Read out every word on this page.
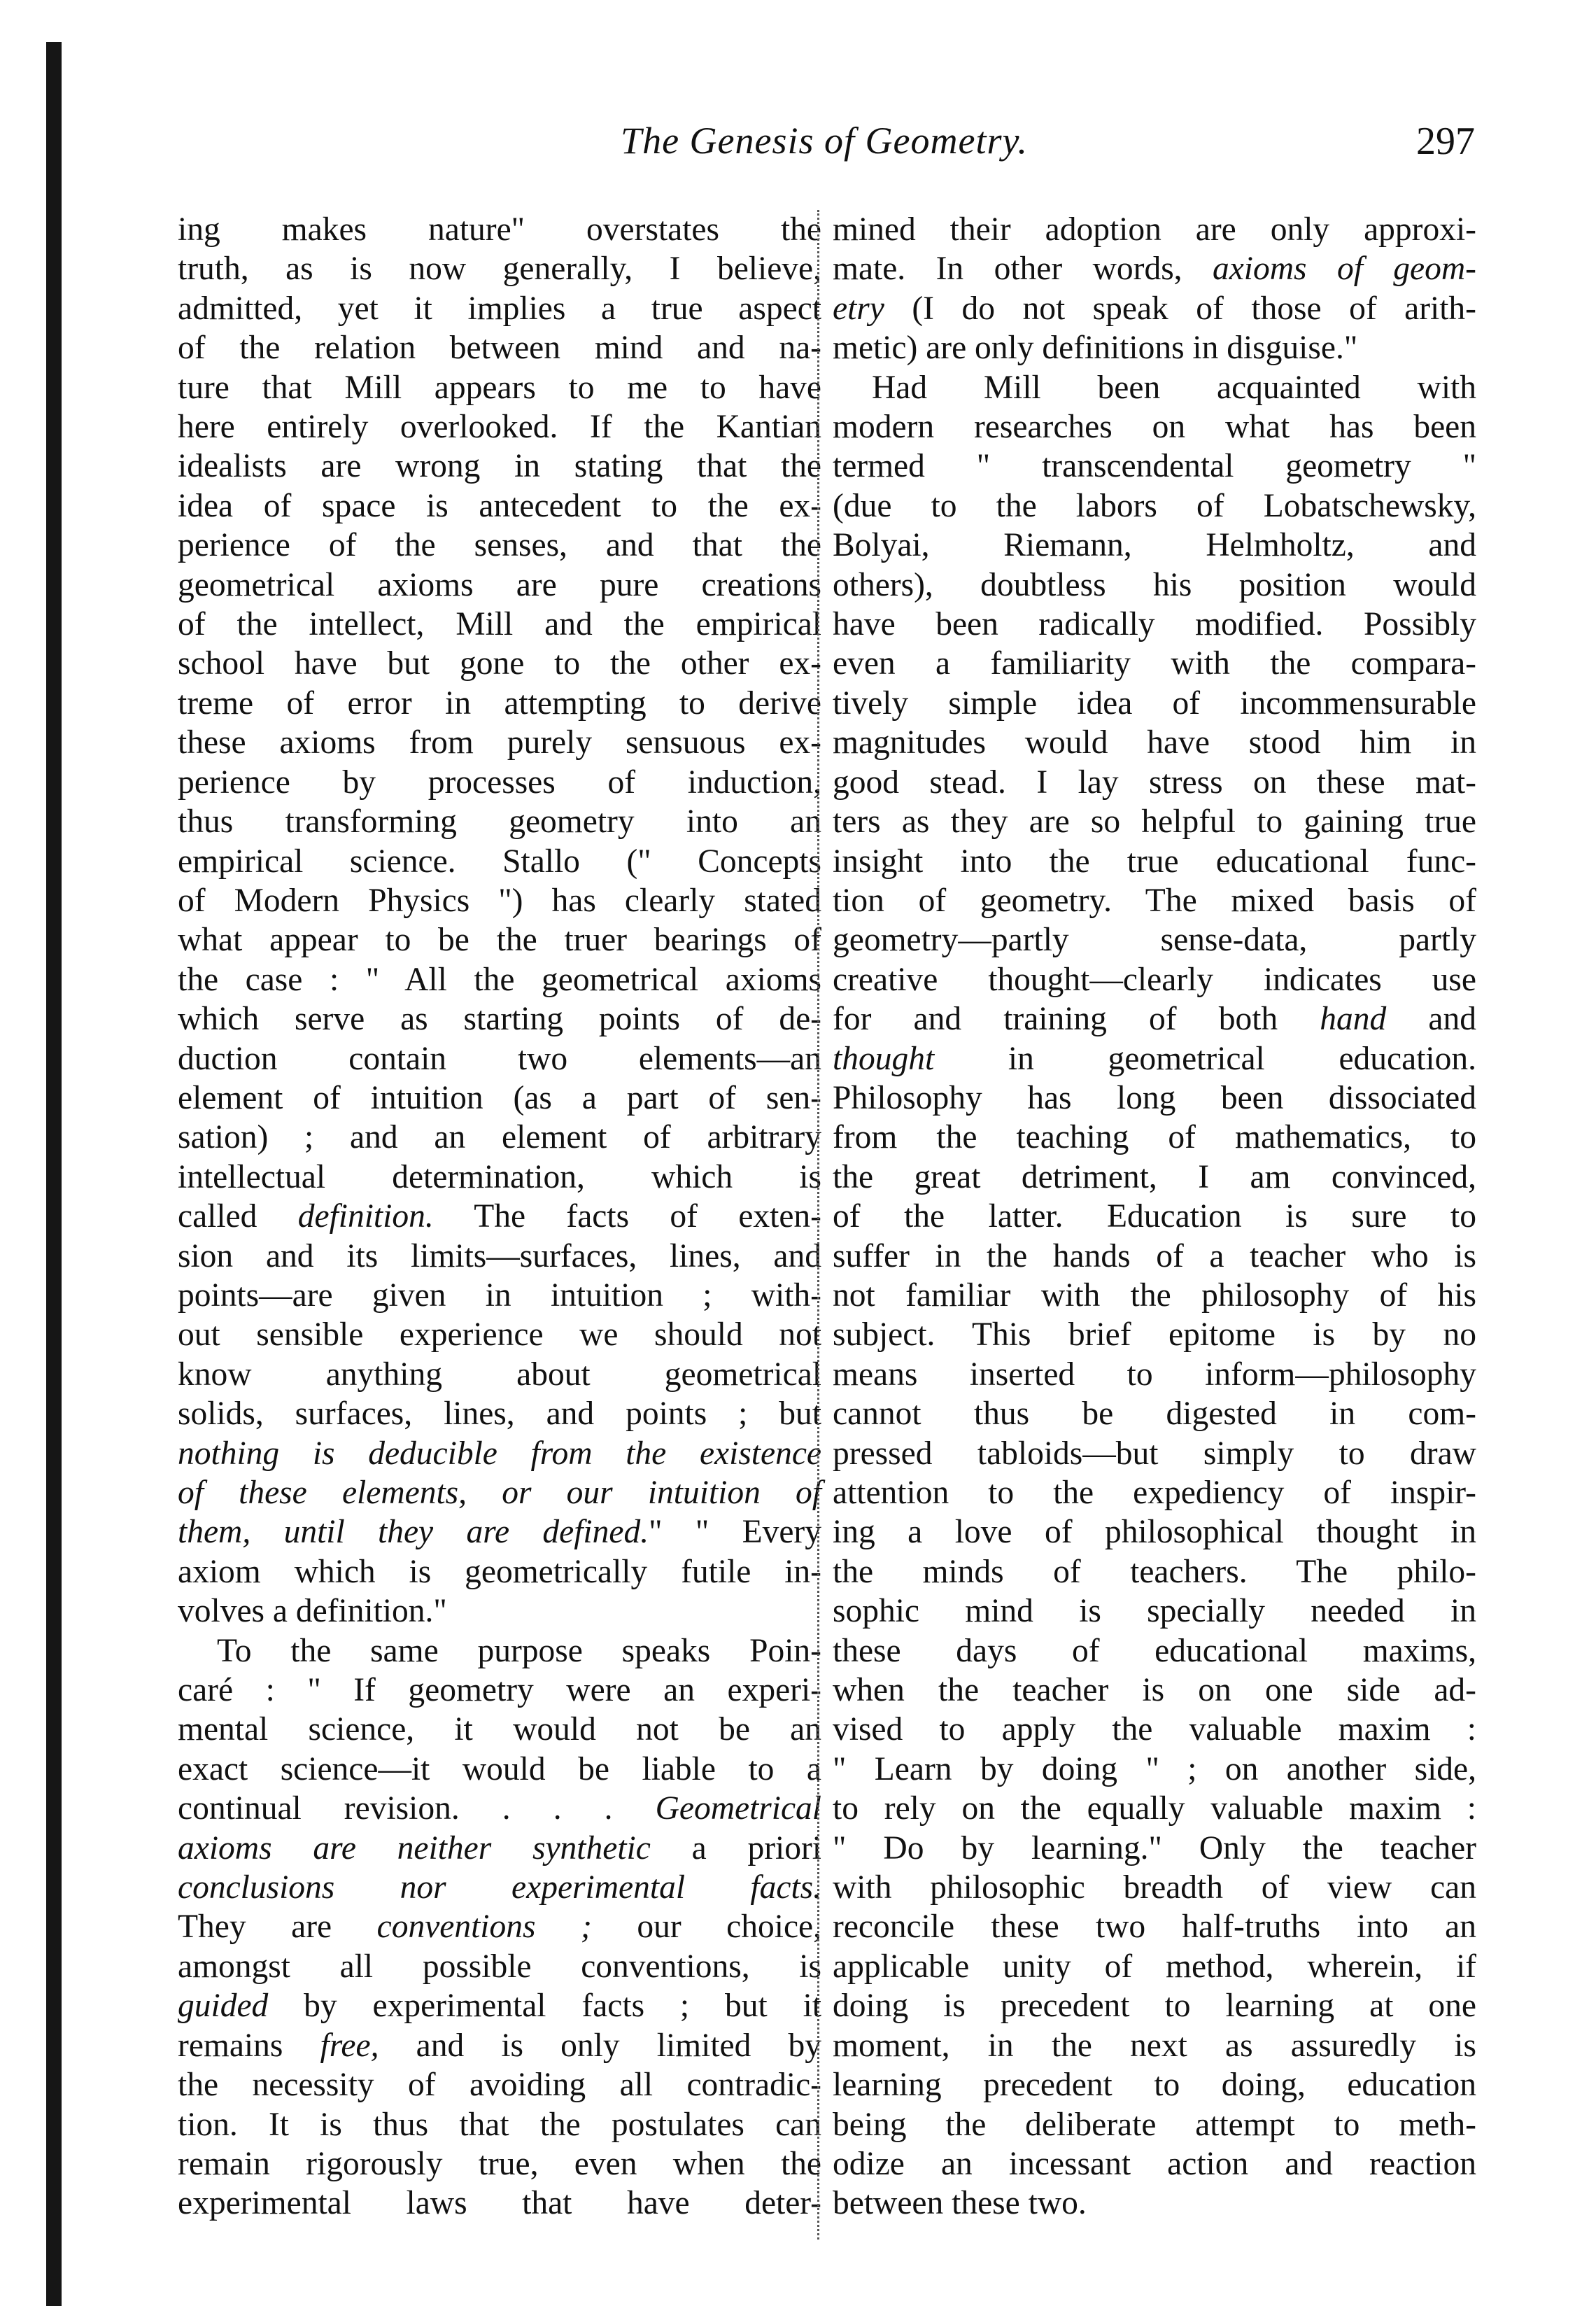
The Genesis of Geometry.	297
ing makes nature" overstates the
truth, as is now generally, I believe,
admitted, yet it implies a true aspect
of the relation between mind and na-
ture that Mill appears to me to have
here entirely overlooked. If the Kantian
idealists are wrong in stating that the
idea of space is antecedent to the ex-
perience of the senses, and that the
geometrical axioms are pure creations
of the intellect, Mill and the empirical
school have but gone to the other ex-
treme of error in attempting to derive
these axioms from purely sensuous ex-
perience by processes of induction,
thus transforming geometry into an
empirical science. Stallo (" Concepts
of Modern Physics ") has clearly stated
what appear to be the truer bearings of
the case : " All the geometrical axioms
which serve as starting points of de-
duction contain two elements—an
element of intuition (as a part of sen-
sation) ; and an element of arbitrary
intellectual determination, which is
called definition. The facts of exten-
sion and its limits—surfaces, lines, and
points—are given in intuition ; with-
out sensible experience we should not
know anything about geometrical
solids, surfaces, lines, and points ; but
nothing is deducible from the existence
of these elements, or our intuition of
them, until they are defined." " Every
axiom which is geometrically futile in-
volves a definition."
To the same purpose speaks Poin-
caré : " If geometry were an experi-
mental science, it would not be an
exact science—it would be liable to a
continual revision. . . . Geometrical
axioms are neither synthetic a priori
conclusions nor experimental facts.
They are conventions ; our choice,
amongst all possible conventions, is
guided by experimental facts ; but it
remains free, and is only limited by
the necessity of avoiding all contradic-
tion. It is thus that the postulates can
remain rigorously true, even when the
experimental laws that have deter-
mined their adoption are only approxi-
mate. In other words, axioms of geom-
etry (I do not speak of those of arith-
metic) are only definitions in disguise."
Had Mill been acquainted with
modern researches on what has been
termed " transcendental geometry "
(due to the labors of Lobatschewsky,
Bolyai, Riemann, Helmholtz, and
others), doubtless his position would
have been radically modified. Possibly
even a familiarity with the compara-
tively simple idea of incommensurable
magnitudes would have stood him in
good stead. I lay stress on these mat-
ters as they are so helpful to gaining true
insight into the true educational func-
tion of geometry. The mixed basis of
geometry—partly sense-data, partly
creative thought—clearly indicates use
for and training of both hand and
thought in geometrical education.
Philosophy has long been dissociated
from the teaching of mathematics, to
the great detriment, I am convinced,
of the latter. Education is sure to
suffer in the hands of a teacher who is
not familiar with the philosophy of his
subject. This brief epitome is by no
means inserted to inform—philosophy
cannot thus be digested in com-
pressed tabloids—but simply to draw
attention to the expediency of inspir-
ing a love of philosophical thought in
the minds of teachers. The philo-
sophic mind is specially needed in
these days of educational maxims,
when the teacher is on one side ad-
vised to apply the valuable maxim :
" Learn by doing " ; on another side,
to rely on the equally valuable maxim :
" Do by learning." Only the teacher
with philosophic breadth of view can
reconcile these two half-truths into an
applicable unity of method, wherein, if
doing is precedent to learning at one
moment, in the next as assuredly is
learning precedent to doing, education
being the deliberate attempt to meth-
odize an incessant action and reaction
between these two.
